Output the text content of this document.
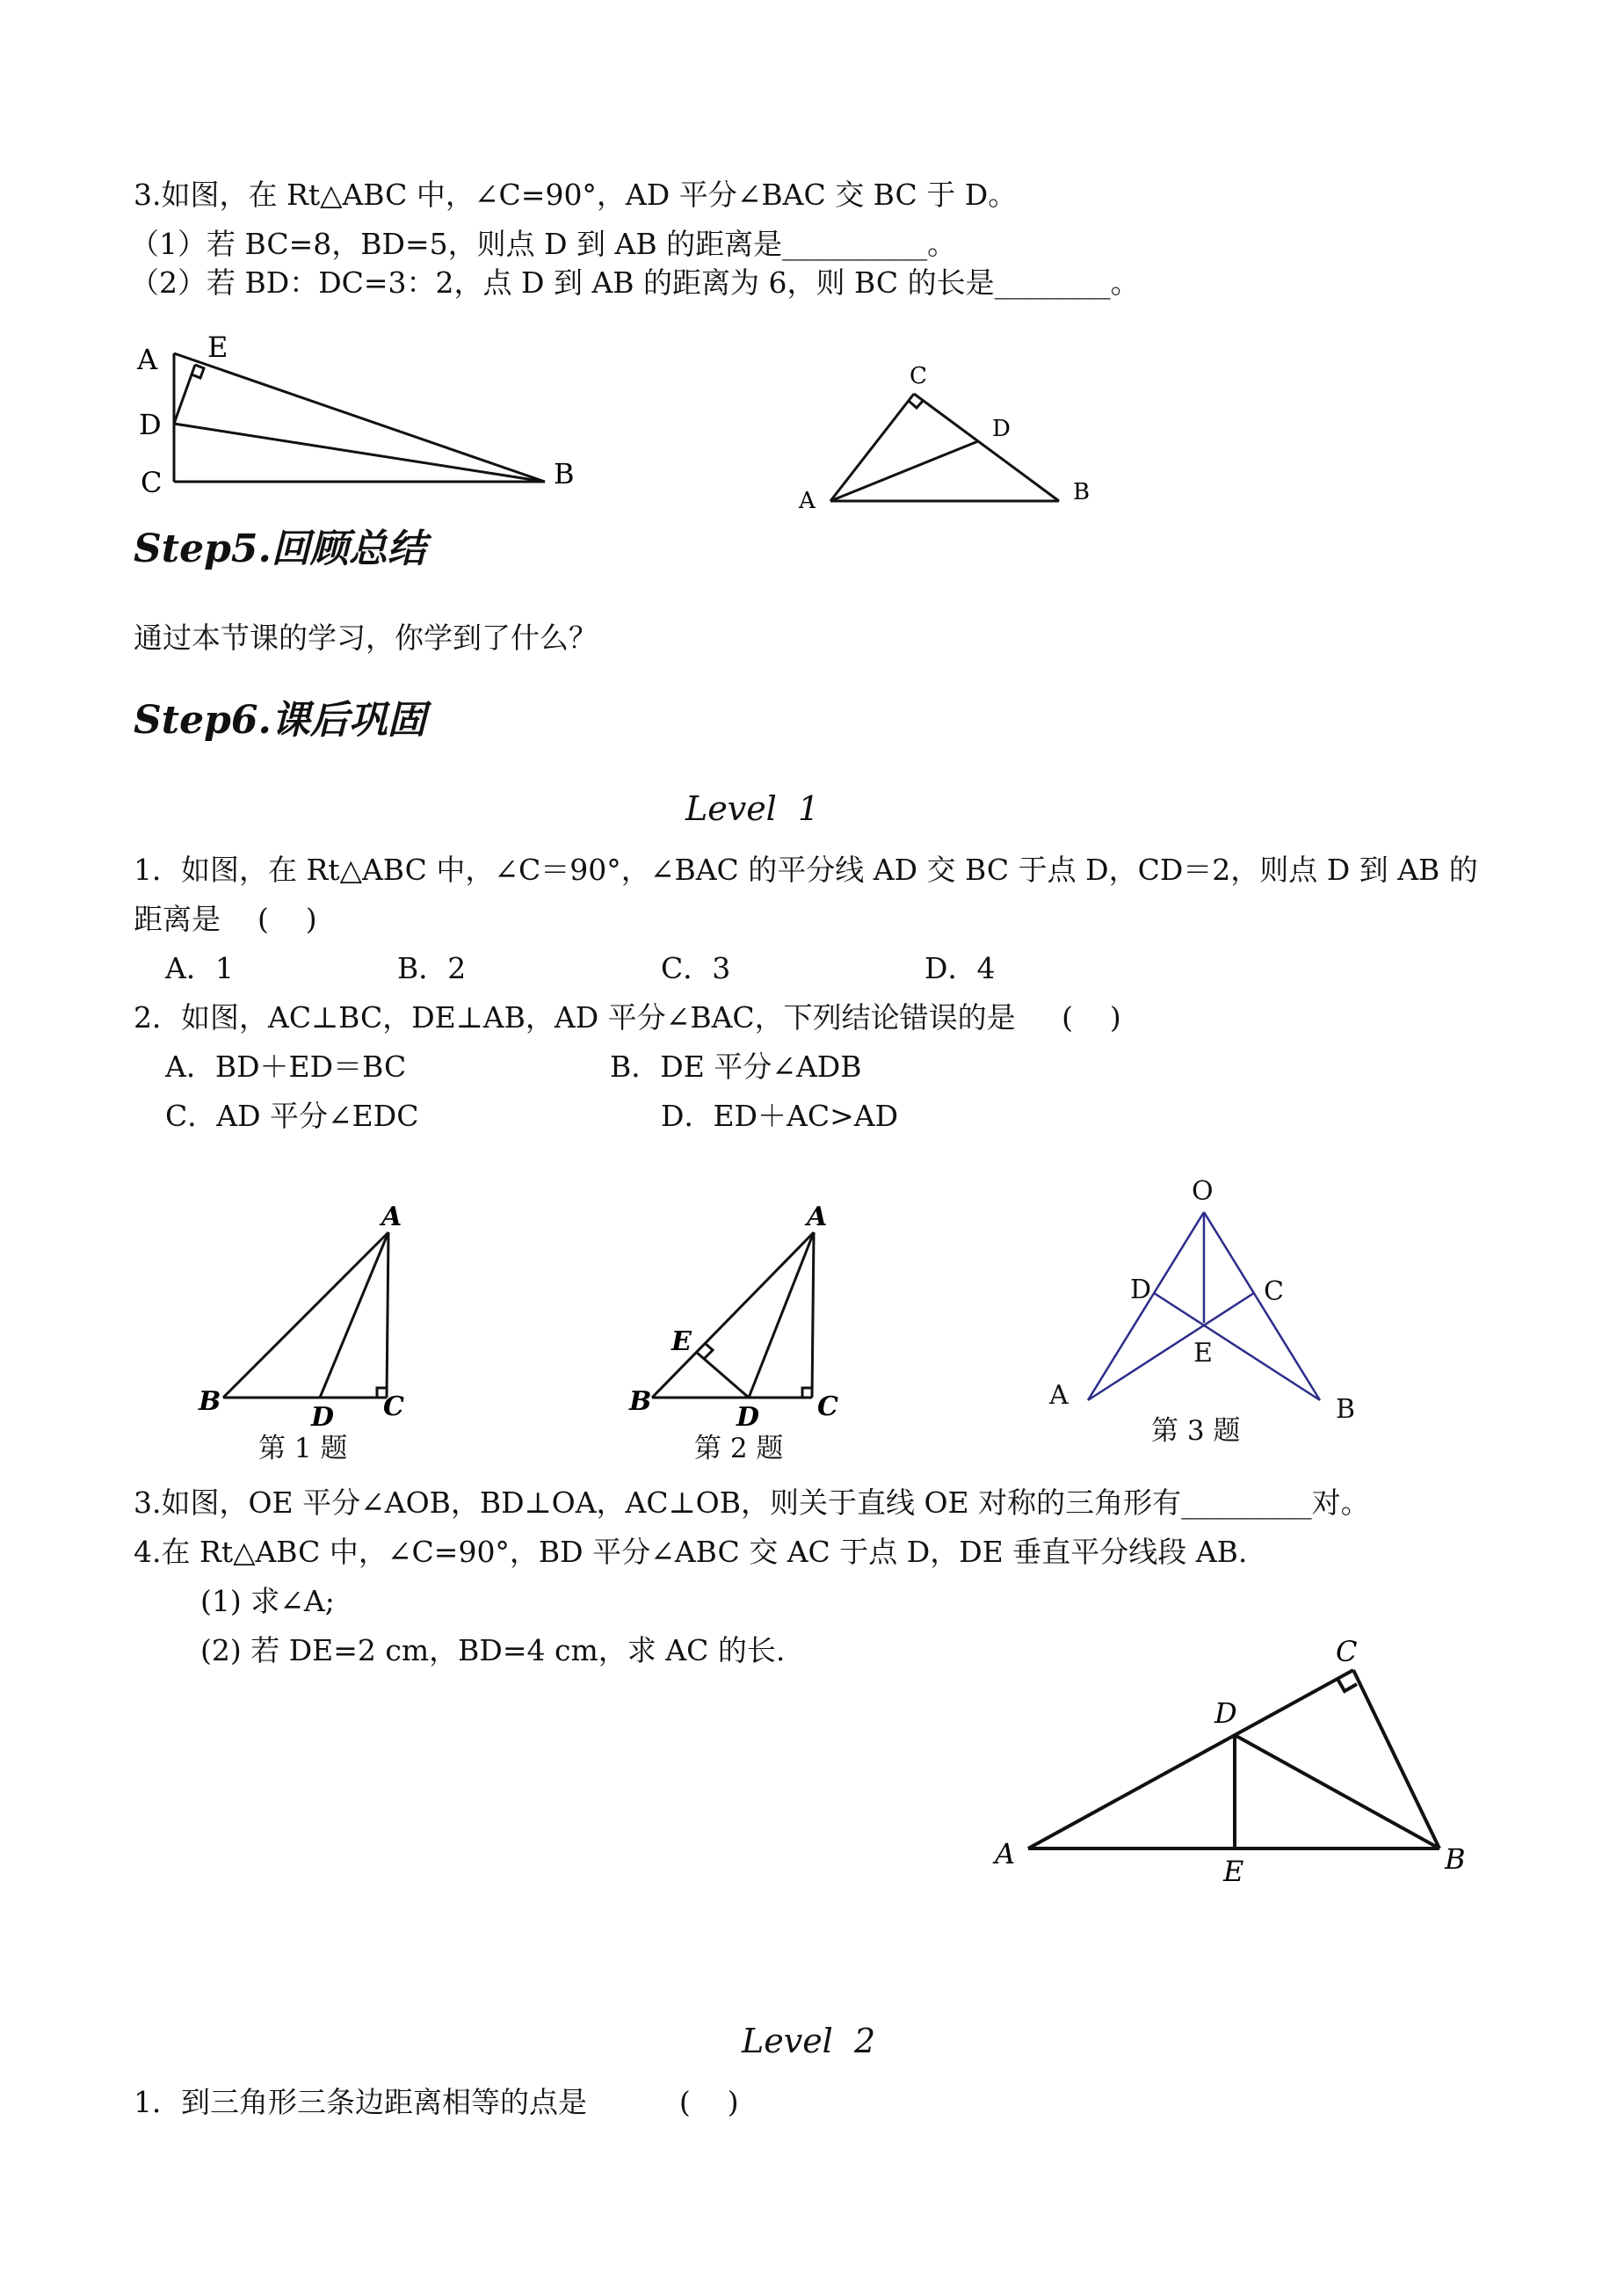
3.如图，在 Rt△ABC 中，∠C=90°，AD 平分∠BAC 交 BC 于 D。
（1）若 BC=8，BD=5，则点 D 到 AB 的距离是__________。
（2）若 BD：DC=3：2，点 D 到 AB 的距离为 6，则 BC 的长是________。
A E
D
C	B
C
D
A	B
Step5.回顾总结
通过本节课的学习，你学到了什么？
Step6.课后巩固
Level  1
1．如图，在 Rt△ABC 中，∠C＝90°，∠BAC 的平分线 AD 交 BC 于点 D，CD＝2，则点 D 到 AB 的
距离是    (    )
A．1	B．2	C．3	D．4
2．如图，AC⊥BC，DE⊥AB，AD 平分∠BAC，下列结论错误的是     (    )
A．BD＋ED＝BC	B．DE 平分∠ADB
C．AD 平分∠EDC	D．ED＋AC>AD
A
B
D C
第 1 题
A
E
B
D C
第 2 题
O
D	C
E
A	B
第 3 题
3.如图，OE 平分∠AOB，BD⊥OA，AC⊥OB，则关于直线 OE 对称的三角形有_________对。
4.在 Rt△ABC 中，∠C=90°，BD 平分∠ABC 交 AC 于点 D，DE 垂直平分线段 AB.
(1) 求∠A;
(2) 若 DE=2 cm，BD=4 cm，求 AC 的长.	C
D
A
E	B
Level  2
1．到三角形三条边距离相等的点是          (    )
